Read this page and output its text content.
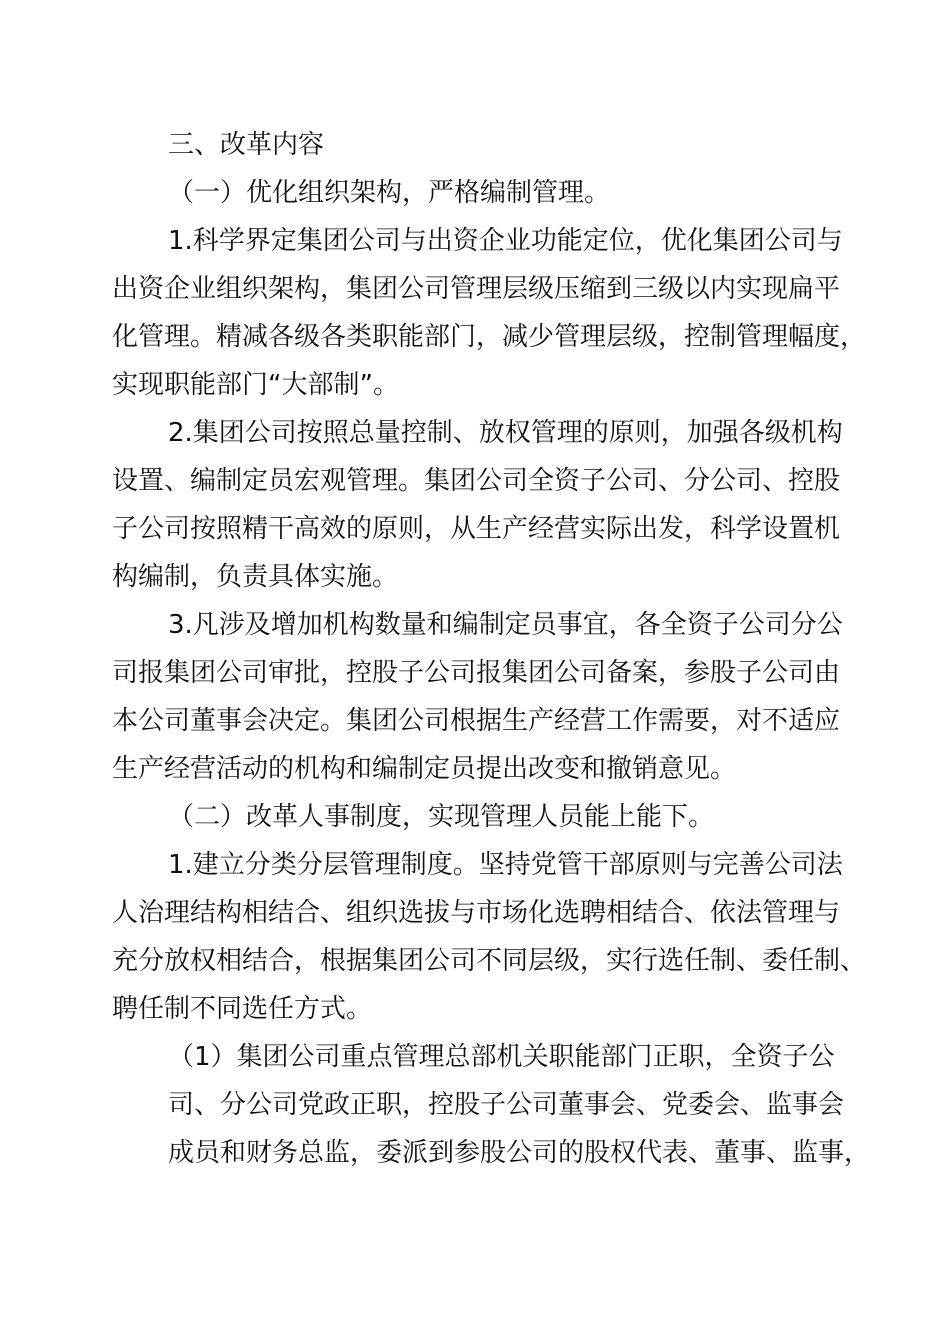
三、改革内容
（一）优化组织架构，严格编制管理。
1.科学界定集团公司与出资企业功能定位，优化集团公司与
出资企业组织架构，集团公司管理层级压缩到三级以内实现扁平
化管理。精减各级各类职能部门，减少管理层级，控制管理幅度，
实现职能部门“大部制”。
2.集团公司按照总量控制、放权管理的原则，加强各级机构
设置、编制定员宏观管理。集团公司全资子公司、分公司、控股
子公司按照精干高效的原则，从生产经营实际出发，科学设置机
构编制，负责具体实施。
3.凡涉及增加机构数量和编制定员事宜，各全资子公司分公
司报集团公司审批，控股子公司报集团公司备案，参股子公司由
本公司董事会决定。集团公司根据生产经营工作需要，对不适应
生产经营活动的机构和编制定员提出改变和撤销意见。
（二）改革人事制度，实现管理人员能上能下。
1.建立分类分层管理制度。坚持党管干部原则与完善公司法
人治理结构相结合、组织选拔与市场化选聘相结合、依法管理与
充分放权相结合，根据集团公司不同层级，实行选任制、委任制、
聘任制不同选任方式。
（1）集团公司重点管理总部机关职能部门正职，全资子公
司、分公司党政正职，控股子公司董事会、党委会、监事会
成员和财务总监，委派到参股公司的股权代表、董事、监事，
